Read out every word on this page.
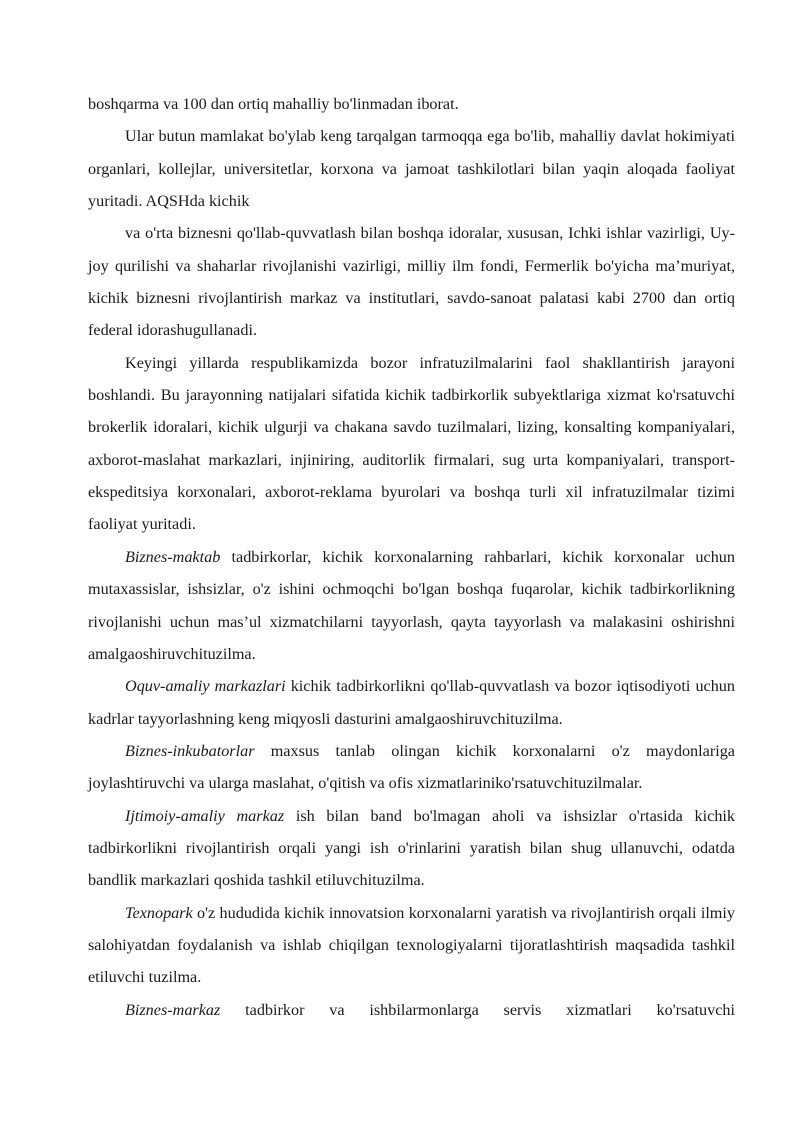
boshqarma va 100 dan ortiq mahalliy bo'linmadan iborat.

Ular butun mamlakat bo'ylab keng tarqalgan tarmoqqa ega bo'lib, mahalliy davlat hokimiyati organlari, kollejlar, universitetlar, korxona va jamoat tashkilotlari bilan yaqin aloqada faoliyat yuritadi. AQSHda kichik

va o'rta biznesni qo'llab-quvvatlash bilan boshqa idoralar, xususan, Ichki ishlar vazirligi, Uy-joy qurilishi va shaharlar rivojlanishi vazirligi, milliy ilm fondi, Fermerlik bo'yicha ma’muriyat, kichik biznesni rivojlantirish markaz va institutlari, savdo-sanoat palatasi kabi 2700 dan ortiq federal idorashugullanadi.

Keyingi yillarda respublikamizda bozor infratuzilmalarini faol shakllantirish jarayoni boshlandi. Bu jarayonning natijalari sifatida kichik tadbirkorlik subyektlariga xizmat ko'rsatuvchi brokerlik idoralari, kichik ulgurji va chakana savdo tuzilmalari, lizing, konsalting kompaniyalari, axborot-maslahat markazlari, injiniring, auditorlik firmalari, sug urta kompaniyalari, transport-ekspeditsiya korxonalari, axborot-reklama byurolari va boshqa turli xil infratuzilmalar tizimi faoliyat yuritadi.

Biznes-maktab tadbirkorlar, kichik korxonalarning rahbarlari, kichik korxonalar uchun mutaxassislar, ishsizlar, o'z ishini ochmoqchi bo'lgan boshqa fuqarolar, kichik tadbirkorlikning rivojlanishi uchun mas’ul xizmatchilarni tayyorlash, qayta tayyorlash va malakasini oshirishni amalgaoshiruvchituzilma.

Oquv-amaliy markazlari kichik tadbirkorlikni qo'llab-quvvatlash va bozor iqtisodiyoti uchun kadrlar tayyorlashning keng miqyosli dasturini amalgaoshiruvchituzilma.

Biznes-inkubatorlar maxsus tanlab olingan kichik korxonalarni o'z maydonlariga joylashtiruvchi va ularga maslahat, o'qitish va ofis xizmatlariniko'rsatuvchituzilmalar.

Ijtimoiy-amaliy markaz ish bilan band bo'lmagan aholi va ishsizlar o'rtasida kichik tadbirkorlikni rivojlantirish orqali yangi ish o'rinlarini yaratish bilan shug ullanuvchi, odatda bandlik markazlari qoshida tashkil etiluvchituzilma.

Texnopark o'z hududida kichik innovatsion korxonalarni yaratish va rivojlantirish orqali ilmiy salohiyatdan foydalanish va ishlab chiqilgan texnologiyalarni tijoratlashtirish maqsadida tashkil etiluvchi tuzilma.

Biznes-markaz tadbirkor va ishbilarmonlarga servis xizmatlari ko'rsatuvchi
